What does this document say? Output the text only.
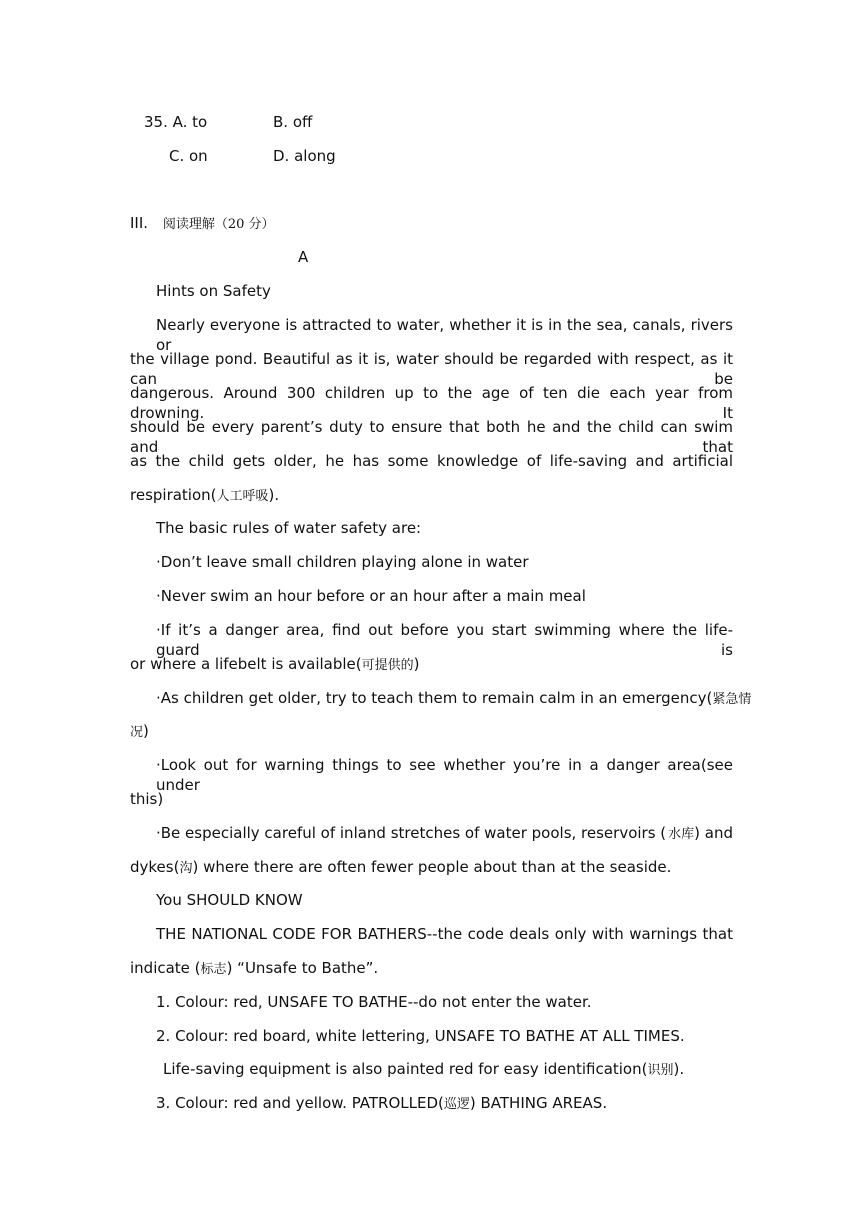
35. A. to	B. off
C. on	D. along
III. 阅读理解（20 分）
A
Hints on Safety
Nearly everyone is attracted to water, whether it is in the sea, canals, rivers or
the village pond. Beautiful as it is, water should be regarded with respect, as it can be
dangerous. Around 300 children up to the age of ten die each year from drowning. It
should be every parent’s duty to ensure that both he and the child can swim and that
as the child gets older, he has some knowledge of life-saving and artificial
respiration(人工呼吸).
The basic rules of water safety are:
·Don’t leave small children playing alone in water
·Never swim an hour before or an hour after a main meal
·If it’s a danger area, find out before you start swimming where the life-guard is
or where a lifebelt is available(可提供的)
·As children get older, try to teach them to remain calm in an emergency(紧急情
况)
·Look out for warning things to see whether you’re in a danger area(see under
this)
·Be especially careful of inland stretches of water pools, reservoirs ( 水库) and
dykes(沟) where there are often fewer people about than at the seaside.
You SHOULD KNOW
THE NATIONAL CODE FOR BATHERS--the code deals only with warnings that
indicate (标志) “Unsafe to Bathe”.
1. Colour: red, UNSAFE TO BATHE--do not enter the water.
2. Colour: red board, white lettering, UNSAFE TO BATHE AT ALL TIMES.
Life-saving equipment is also painted red for easy identification(识别).
3. Colour: red and yellow. PATROLLED(巡逻) BATHING AREAS.
